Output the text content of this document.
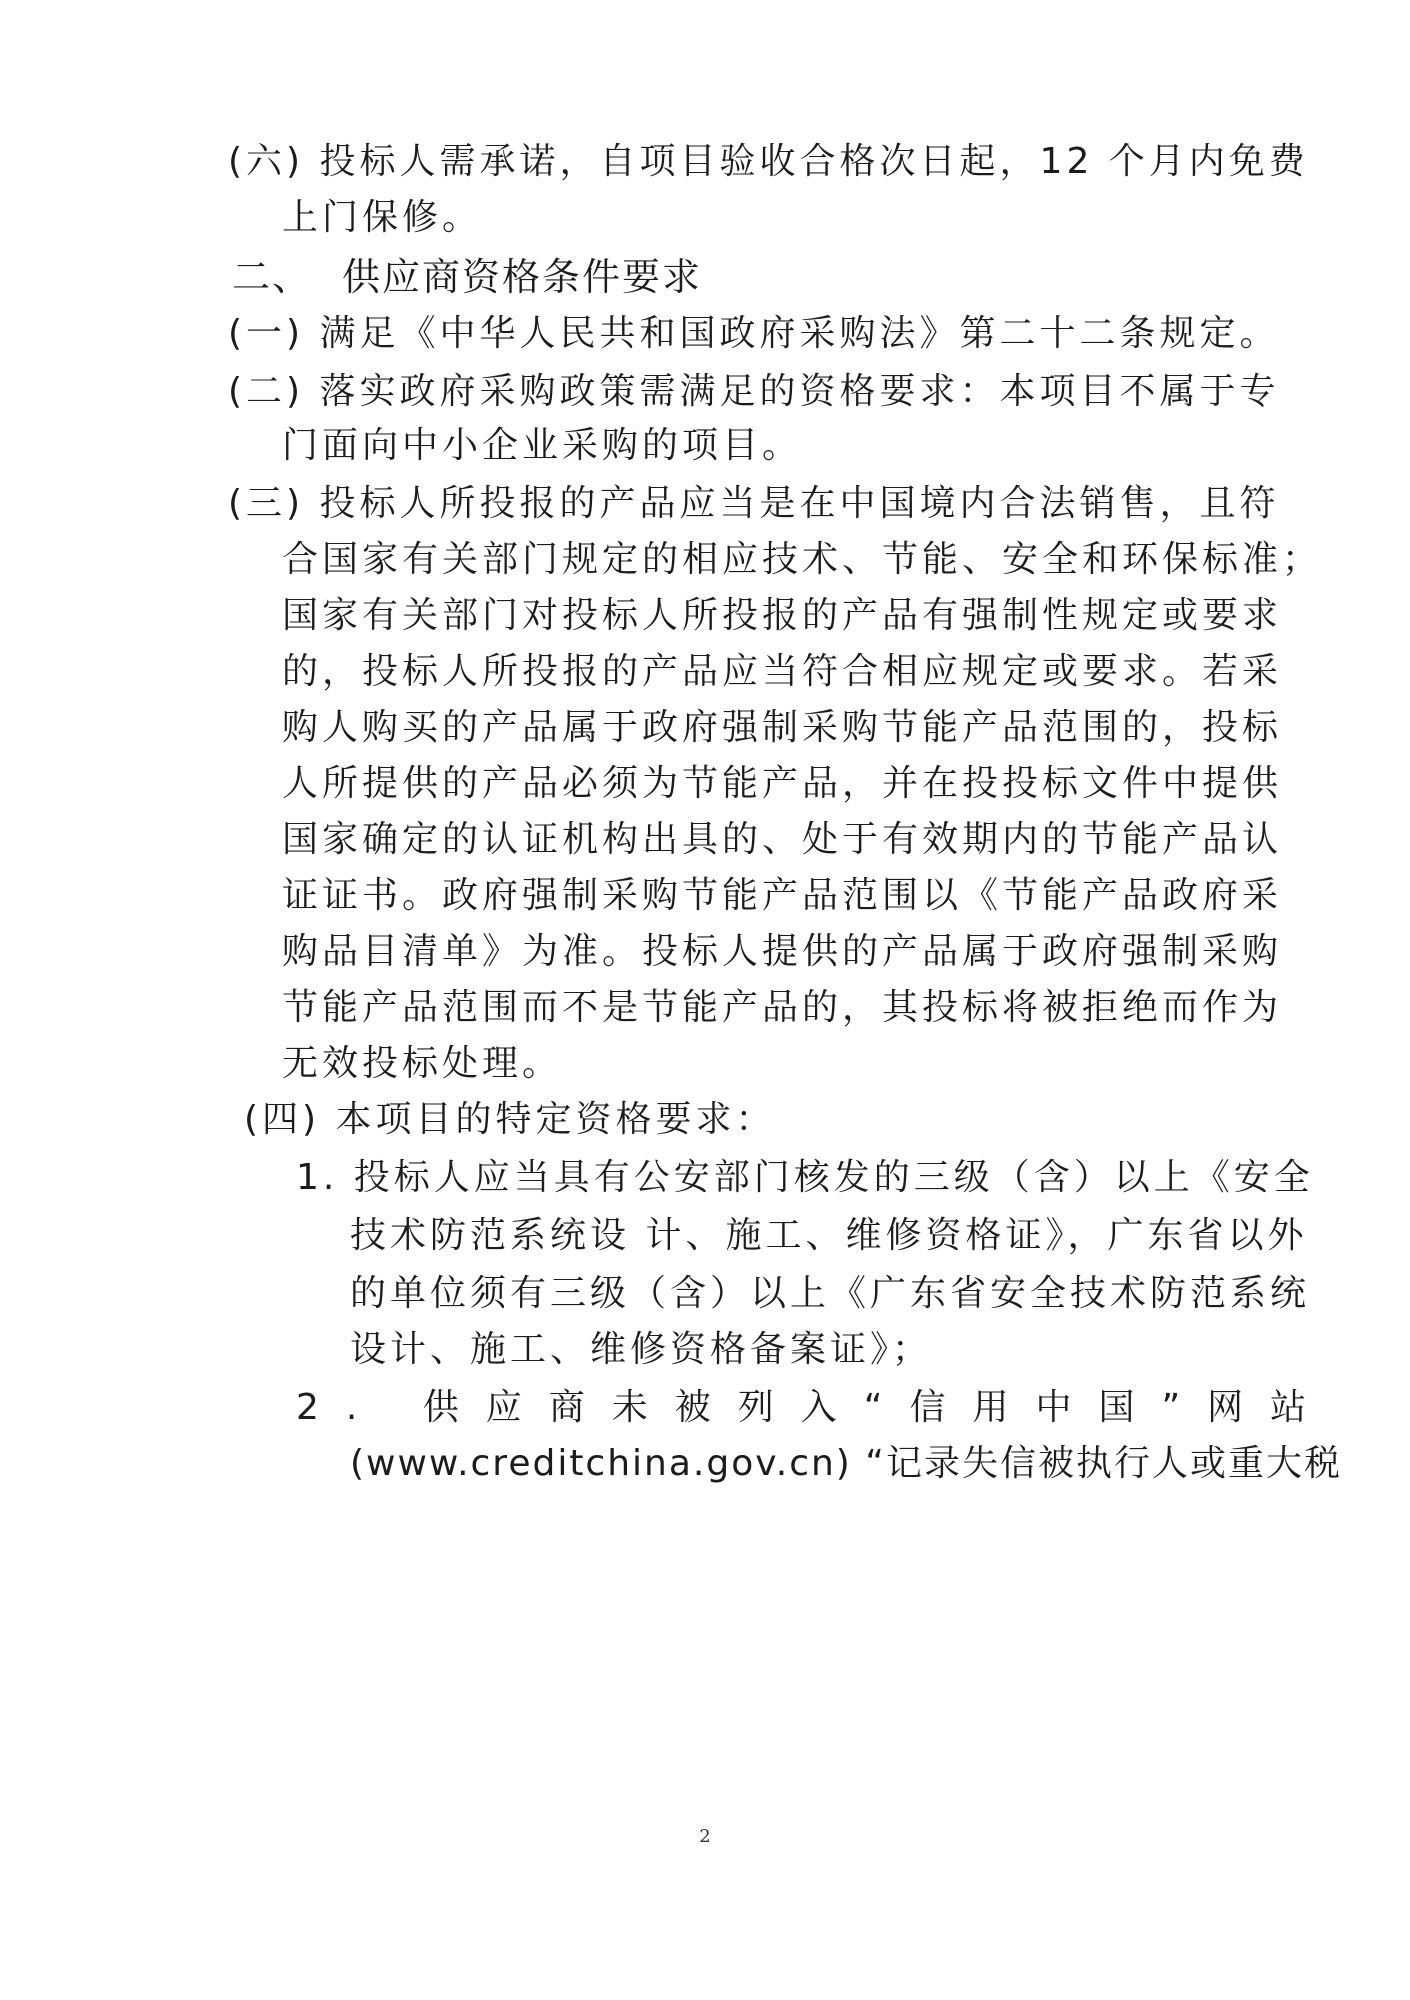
(六) 投标人需承诺，自项目验收合格次日起，12 个月内免费
上门保修。
二、 供应商资格条件要求
(一) 满足《中华人民共和国政府采购法》第二十二条规定。
(二) 落实政府采购政策需满足的资格要求：本项目不属于专
门面向中小企业采购的项目。
(三) 投标人所投报的产品应当是在中国境内合法销售，且符
合国家有关部门规定的相应技术、节能、安全和环保标准；
国家有关部门对投标人所投报的产品有强制性规定或要求
的，投标人所投报的产品应当符合相应规定或要求。若采
购人购买的产品属于政府强制采购节能产品范围的，投标
人所提供的产品必须为节能产品，并在投投标文件中提供
国家确定的认证机构出具的、处于有效期内的节能产品认
证证书。政府强制采购节能产品范围以《节能产品政府采
购品目清单》为准。投标人提供的产品属于政府强制采购
节能产品范围而不是节能产品的，其投标将被拒绝而作为
无效投标处理。
(四) 本项目的特定资格要求：
1. 投标人应当具有公安部门核发的三级（含）以上《安全
技术防范系统设 计、施工、维修资格证》，广东省以外
的单位须有三级（含）以上《广东省安全技术防范系统
设计、施工、维修资格备案证》；
2. 供应商未被列入“信用中国”网站
(www.creditchina.gov.cn) “记录失信被执行人或重大税
2
